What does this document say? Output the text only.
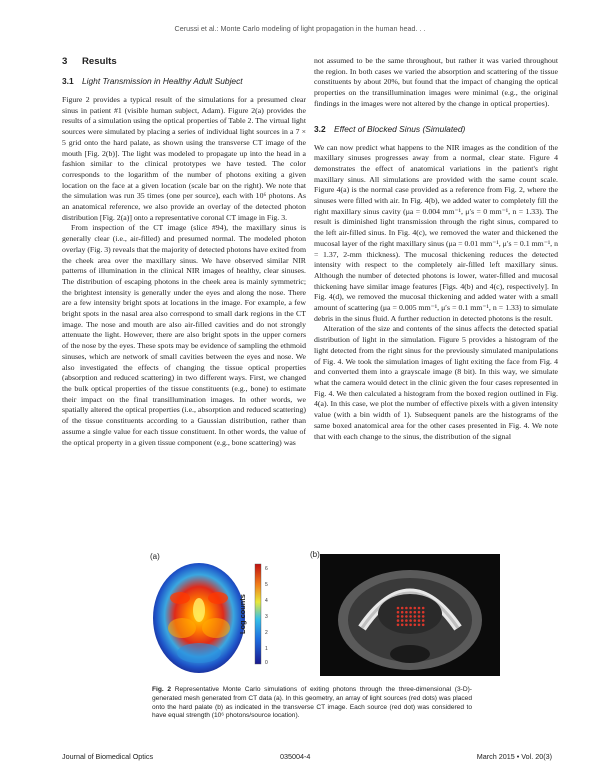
Cerussi et al.: Monte Carlo modeling of light propagation in the human head. . .
3 Results
3.1 Light Transmission in Healthy Adult Subject

Figure 2 provides a typical result of the simulations for a presumed clear sinus in patient #1 (visible human subject, Adam). Figure 2(a) provides the results of a simulation using the optical properties of Table 2. The virtual light sources were simulated by placing a series of individual light sources in a 7 × 5 grid onto the hard palate, as shown using the transverse CT image of the mouth [Fig. 2(b)]. The light was modeled to propagate up into the head in a fashion similar to the clinical prototypes we have tested. The color corresponds to the logarithm of the number of photons exiting a given location on the face at a given location (scale bar on the right). We note that the simulation was run 35 times (one per source), each with 10⁶ photons. As an anatomical reference, we also provide an overlay of the detected photon distribution [Fig. 2(a)] onto a representative coronal CT image in Fig. 3.

From inspection of the CT image (slice #94), the maxillary sinus is generally clear (i.e., air-filled) and presumed normal. The modeled photon overlay (Fig. 3) reveals that the majority of detected photons have exited from the cheek area over the maxillary sinus. We have observed similar NIR patterns of illumination in the clinical NIR images of healthy, clear sinuses. The distribution of escaping photons in the cheek area is mainly symmetric; the brightest intensity is generally under the eyes and along the nose. There are a few intensity bright spots at locations in the image. For example, a few bright spots in the nasal area also correspond to small dark regions in the CT image. The nose and mouth are also air-filled cavities and do not strongly attenuate the light. However, there are also bright spots in the upper corners of the nose by the eyes. These spots may be evidence of sampling the ethmoid sinuses, which are network of small cavities between the eyes and nose. We also investigated the effects of changing the tissue optical properties (absorption and reduced scattering) in two different ways. First, we changed the bulk optical properties of the tissue constituents (e.g., bone) to estimate their impact on the final transillumination images. In other words, we spatially altered the optical properties (i.e., absorption and reduced scattering) of the tissue constituents according to a Gaussian distribution, rather than assume a single value for each tissue constituent. In other words, the value of the optical property in a given tissue component (e.g., bone scattering) was

not assumed to be the same throughout, but rather it was varied throughout the region. In both cases we varied the absorption and scattering of the tissue constituents by about 20%, but found that the impact of changing the optical properties on the transillumination images were minimal (e.g., the original findings in the images were not altered by the change in optical properties).

3.2 Effect of Blocked Sinus (Simulated)

We can now predict what happens to the NIR images as the condition of the maxillary sinuses progresses away from a normal, clear state. Figure 4 demonstrates the effect of anatomical variations in the patient's right maxillary sinus. All simulations are provided with the same count scale. Figure 4(a) is the normal case provided as a reference from Fig. 2, where the sinuses were filled with air. In Fig. 4(b), we added water to completely fill the right maxillary sinus cavity (μa = 0.004 mm⁻¹, μ′s = 0 mm⁻¹, n = 1.33). The result is diminished light transmission through the right sinus, compared to the left air-filled sinus. In Fig. 4(c), we removed the water and thickened the mucosal layer of the right maxillary sinus (μa = 0.01 mm⁻¹, μ′s = 0.1 mm⁻¹, n = 1.37, 2-mm thickness). The mucosal thickening reduces the detected intensity with respect to the completely air-filled left maxillary sinus. Although the number of detected photons is lower, water-filled and mucosal thickening have similar image features [Figs. 4(b) and 4(c), respectively]. In Fig. 4(d), we removed the mucosal thickening and added water with a small amount of scattering (μa = 0.005 mm⁻¹, μ′s = 0.1 mm⁻¹, n = 1.33) to simulate debris in the sinus fluid. A further reduction in detected photons is the result.

Alteration of the size and contents of the sinus affects the detected spatial distribution of light in the simulation. Figure 5 provides a histogram of the light detected from the right sinus for the previously simulated manipulations of Fig. 4. We took the simulation images of light exiting the face from Fig. 4 and converted them into a grayscale image (8 bit). In this way, we simulate what the camera would detect in the clinic given the four cases represented in Fig. 4. We then calculated a histogram from the boxed region outlined in Fig. 4(a). In this case, we plot the number of effective pixels with a given intensity value (with a bin width of 1). Subsequent panels are the histograms of the same boxed anatomical area for the other cases presented in Fig. 4. We note that with each change to the sinus, the distribution of the signal

(a)	(b)
6
5
4
3
2
1
0
Log counts
Fig. 2 Representative Monte Carlo simulations of exiting photons through the three-dimensional (3-D)-generated mesh generated from CT data (a). In this geometry, an array of light sources (red dots) was placed onto the hard palate (b) as indicated in the transverse CT image. Each source (red dot) was considered to have equal strength (10⁶ photons/source location).
Journal of Biomedical Optics	035004-4	March 2015 • Vol. 20(3)
